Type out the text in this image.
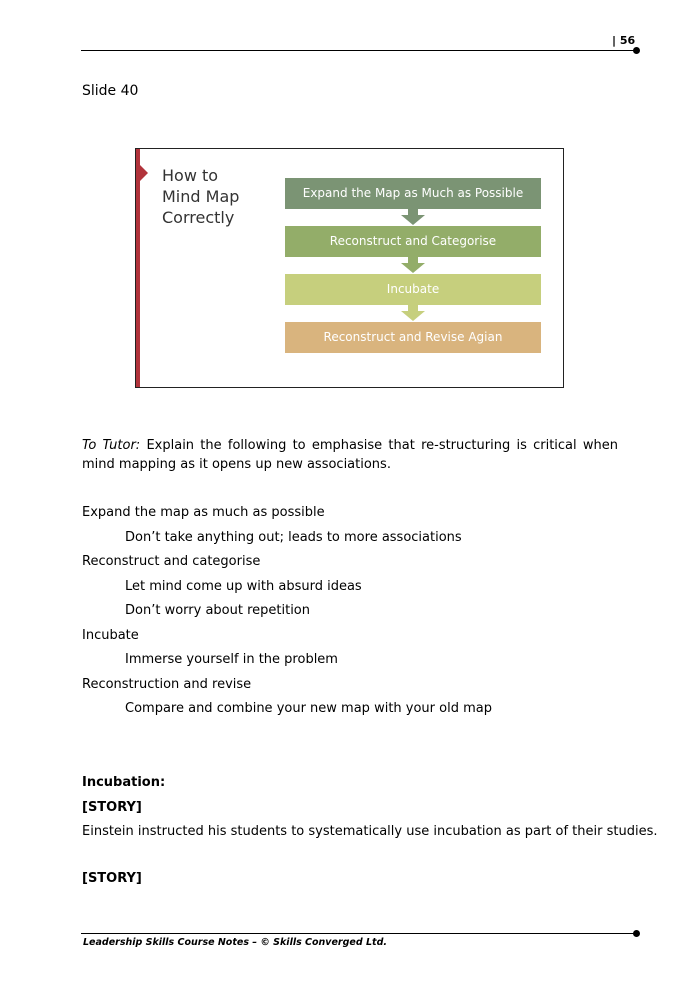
| 56
Slide 40
How to
Mind Map
Correctly
Expand the Map as Much as Possible
Reconstruct and Categorise
Incubate
Reconstruct and Revise Agian
To Tutor: Explain the following to emphasise that re-structuring is critical when mind mapping as it opens up new associations.
Expand the map as much as possible
Don’t take anything out; leads to more associations
Reconstruct and categorise
Let mind come up with absurd ideas
Don’t worry about repetition
Incubate
Immerse yourself in the problem
Reconstruction and revise
Compare and combine your new map with your old map
Incubation:
[STORY]
Einstein instructed his students to systematically use incubation as part of their studies.
[STORY]
Leadership Skills Course Notes – © Skills Converged Ltd.
